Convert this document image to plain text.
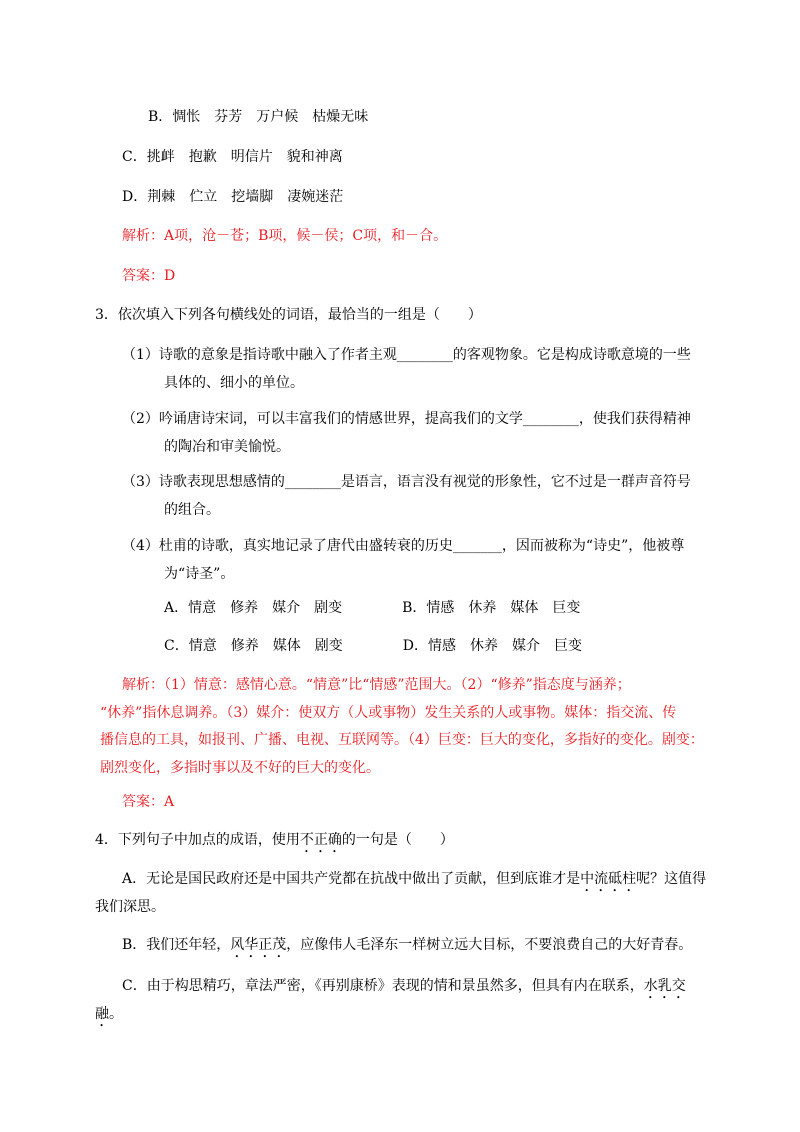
B．惆怅 芬芳 万户候 枯燥无味
C．挑衅 抱歉 明信片 貌和神离
D．荆棘 伫立 挖墙脚 凄婉迷茫
解析：A项，沧－苍；B项，候－侯；C项，和－合。
答案：D
3．依次填入下列各句横线处的词语，最恰当的一组是（　　）
（1）诗歌的意象是指诗歌中融入了作者主观________的客观物象。它是构成诗歌意境的一些
具体的、细小的单位。
（2）吟诵唐诗宋词，可以丰富我们的情感世界，提高我们的文学________，使我们获得精神
的陶冶和审美愉悦。
（3）诗歌表现思想感情的________是语言，语言没有视觉的形象性，它不过是一群声音符号
的组合。
（4）杜甫的诗歌，真实地记录了唐代由盛转衰的历史_______，因而被称为“诗史”，他被尊
为“诗圣”。
A．情意 修养 媒介 剧变	B．情感 休养 媒体 巨变
C．情意 修养 媒体 剧变	D．情感 休养 媒介 巨变
解析：（1）情意：感情心意。“情意”比“情感”范围大。（2）“修养”指态度与涵养；
“休养”指休息调养。（3）媒介：使双方（人或事物）发生关系的人或事物。媒体：指交流、传
播信息的工具，如报刊、广播、电视、互联网等。（4）巨变：巨大的变化，多指好的变化。剧变：
剧烈变化，多指时事以及不好的巨大的变化。
答案：A
4．下列句子中加点的成语，使用不正确的一句是（　　）
A．无论是国民政府还是中国共产党都在抗战中做出了贡献，但到底谁才是中流砥柱呢？这值得
我们深思。
B．我们还年轻，风华正茂，应像伟人毛泽东一样树立远大目标，不要浪费自己的大好青春。
C．由于构思精巧，章法严密，《再别康桥》表现的情和景虽然多，但具有内在联系，水乳交
融。
